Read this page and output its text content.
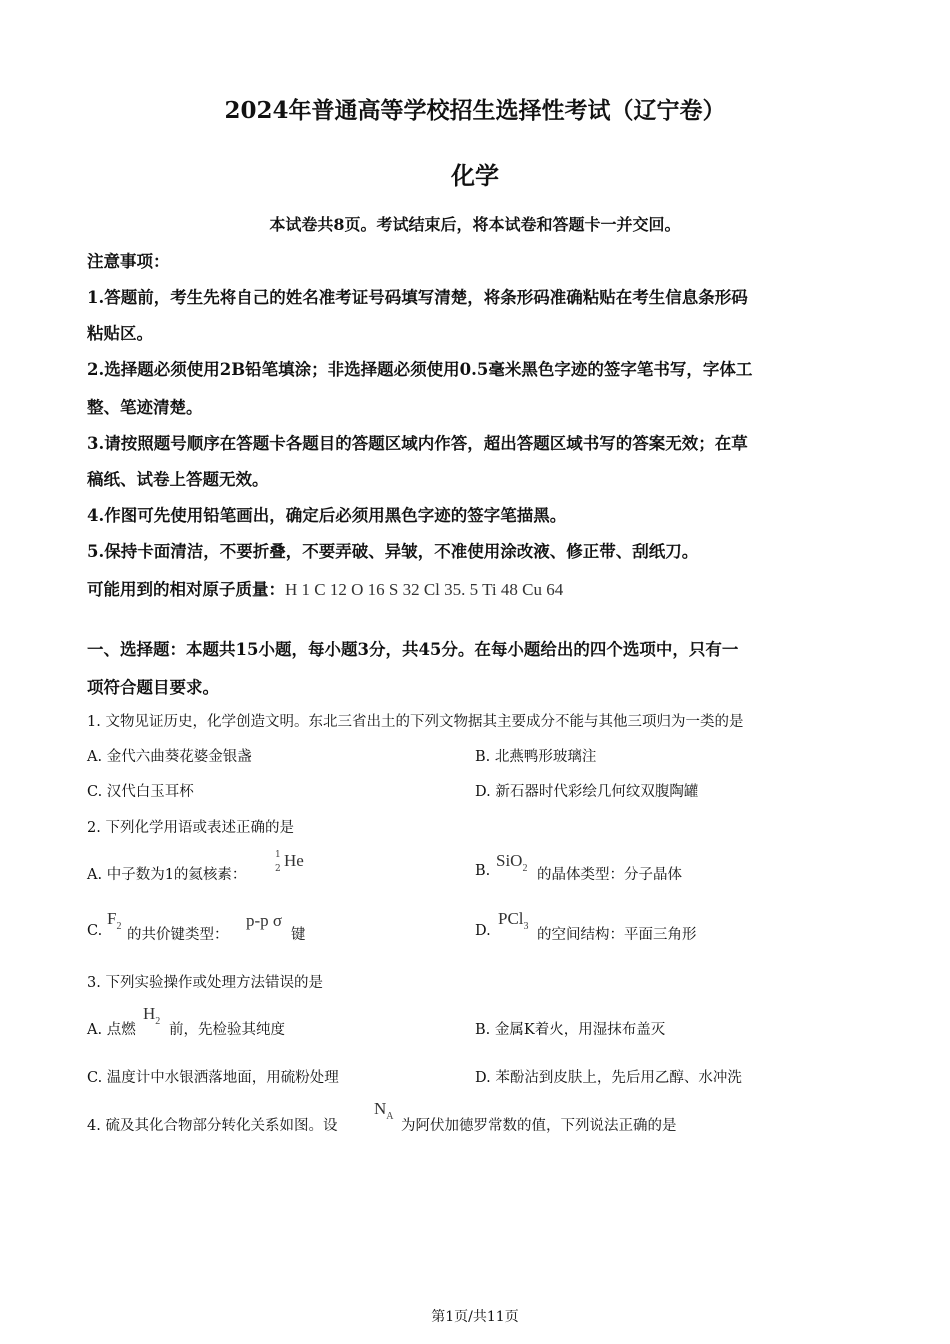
2024年普通高等学校招生选择性考试（辽宁卷）
化学
本试卷共8页。考试结束后，将本试卷和答题卡一并交回。
注意事项：
1.答题前，考生先将自己的姓名准考证号码填写清楚，将条形码准确粘贴在考生信息条形码
粘贴区。
2.选择题必须使用2B铅笔填涂；非选择题必须使用0.5毫米黑色字迹的签字笔书写，字体工
整、笔迹清楚。
3.请按照题号顺序在答题卡各题目的答题区域内作答，超出答题区域书写的答案无效；在草
稿纸、试卷上答题无效。
4.作图可先使用铅笔画出，确定后必须用黑色字迹的签字笔描黑。
5.保持卡面清洁，不要折叠，不要弄破、异皱，不准使用涂改液、修正带、刮纸刀。
可能用到的相对原子质量：H 1 C 12 O 16 S 32 Cl 35. 5 Ti 48 Cu 64
一、选择题：本题共15小题，每小题3分，共45分。在每小题给出的四个选项中，只有一
项符合题目要求。
1. 文物见证历史，化学创造文明。东北三省出土的下列文物据其主要成分不能与其他三项归为一类的是
A. 金代六曲葵花婆金银盏	B. 北燕鸭形玻璃注
C. 汉代白玉耳杯	D. 新石器时代彩绘几何纹双腹陶罐
2. 下列化学用语或表述正确的是
A. 中子数为1的氦核素：
1
2 He
B.
SiO$_2$ 的晶体类型：分子晶体
C.
$F_2$
的共价键类型：
p-p σ
键	D.
PCl$_3$
的空间结构：平面三角形
3. 下列实验操作或处理方法错误的是
A. 点燃
$H_2$
前，先检验其纯度	B. 金属K着火，用湿抹布盖灭
C. 温度计中水银洒落地面，用硫粉处理	D. 苯酚沾到皮肤上，先后用乙醇、水冲洗
4. 硫及其化合物部分转化关系如图。设
$N_A$
为阿伏加德罗常数的值，下列说法正确的是
第1页/共11页
